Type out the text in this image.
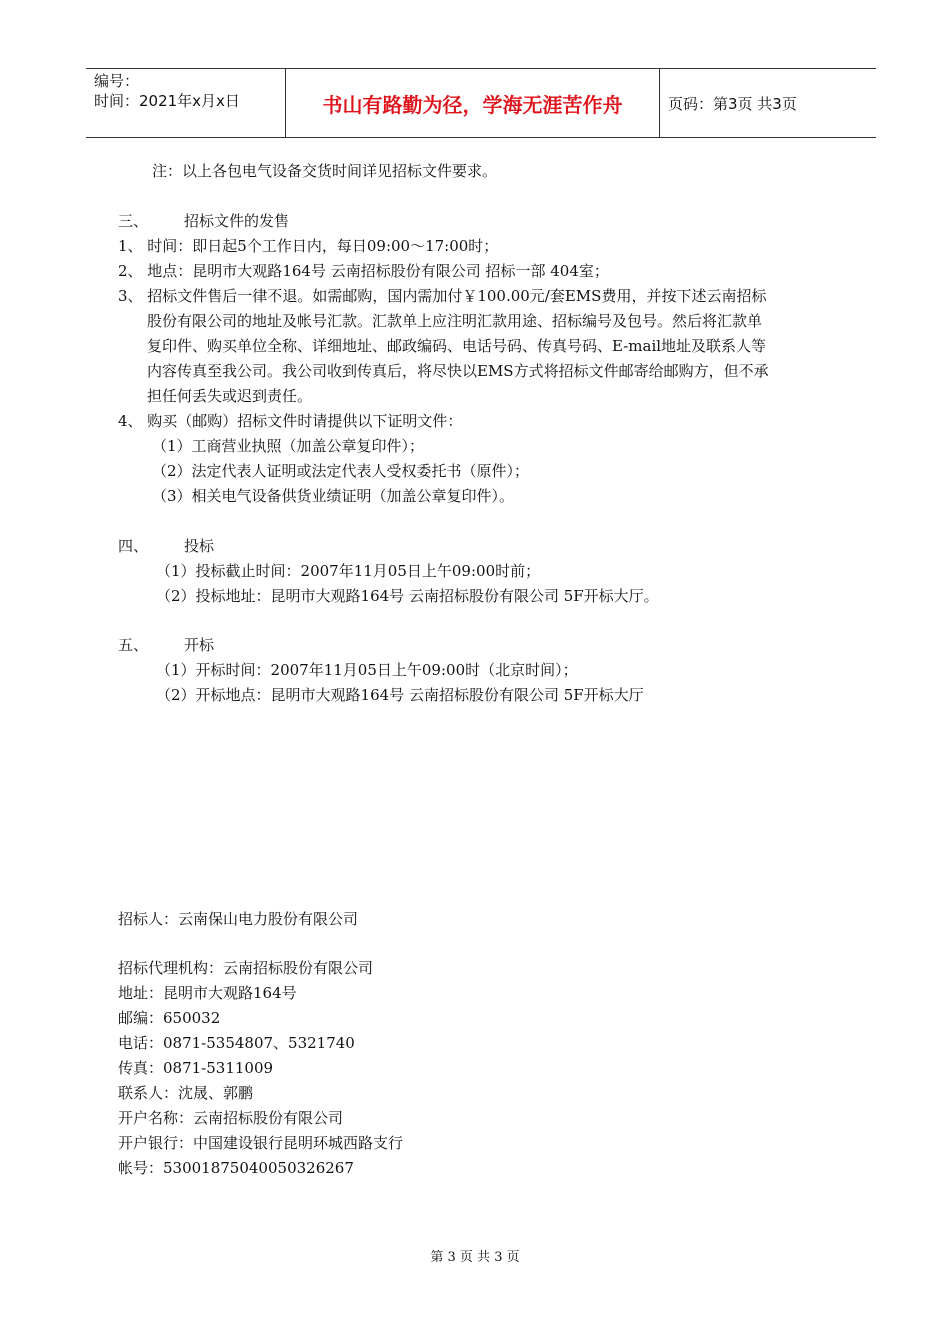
编号：
时间：2021年x月x日	书山有路勤为径，学海无涯苦作舟	页码：第3页 共3页
注：以上各包电气设备交货时间详见招标文件要求。
三、 招标文件的发售
1、 时间：即日起5个工作日内，每日09:00～17:00时；
2、 地点：昆明市大观路164号 云南招标股份有限公司 招标一部 404室；
3、 招标文件售后一律不退。如需邮购，国内需加付￥100.00元/套EMS费用，并按下述云南招标
股份有限公司的地址及帐号汇款。汇款单上应注明汇款用途、招标编号及包号。然后将汇款单
复印件、购买单位全称、详细地址、邮政编码、电话号码、传真号码、E-mail地址及联系人等
内容传真至我公司。我公司收到传真后，将尽快以EMS方式将招标文件邮寄给邮购方，但不承
担任何丢失或迟到责任。
4、 购买（邮购）招标文件时请提供以下证明文件：
（1）工商营业执照（加盖公章复印件）；
（2）法定代表人证明或法定代表人受权委托书（原件）；
（3）相关电气设备供货业绩证明（加盖公章复印件）。
四、 投标
（1）投标截止时间：2007年11月05日上午09:00时前；
（2）投标地址：昆明市大观路164号 云南招标股份有限公司 5F开标大厅。
五、 开标
（1）开标时间：2007年11月05日上午09:00时（北京时间）；
（2）开标地点：昆明市大观路164号 云南招标股份有限公司 5F开标大厅
招标人：云南保山电力股份有限公司
招标代理机构：云南招标股份有限公司
地址：昆明市大观路164号
邮编：650032
电话：0871-5354807、5321740
传真：0871-5311009
联系人：沈晟、郭鹏
开户名称：云南招标股份有限公司
开户银行：中国建设银行昆明环城西路支行
帐号：53001875040050326267
第 3 页 共 3 页
